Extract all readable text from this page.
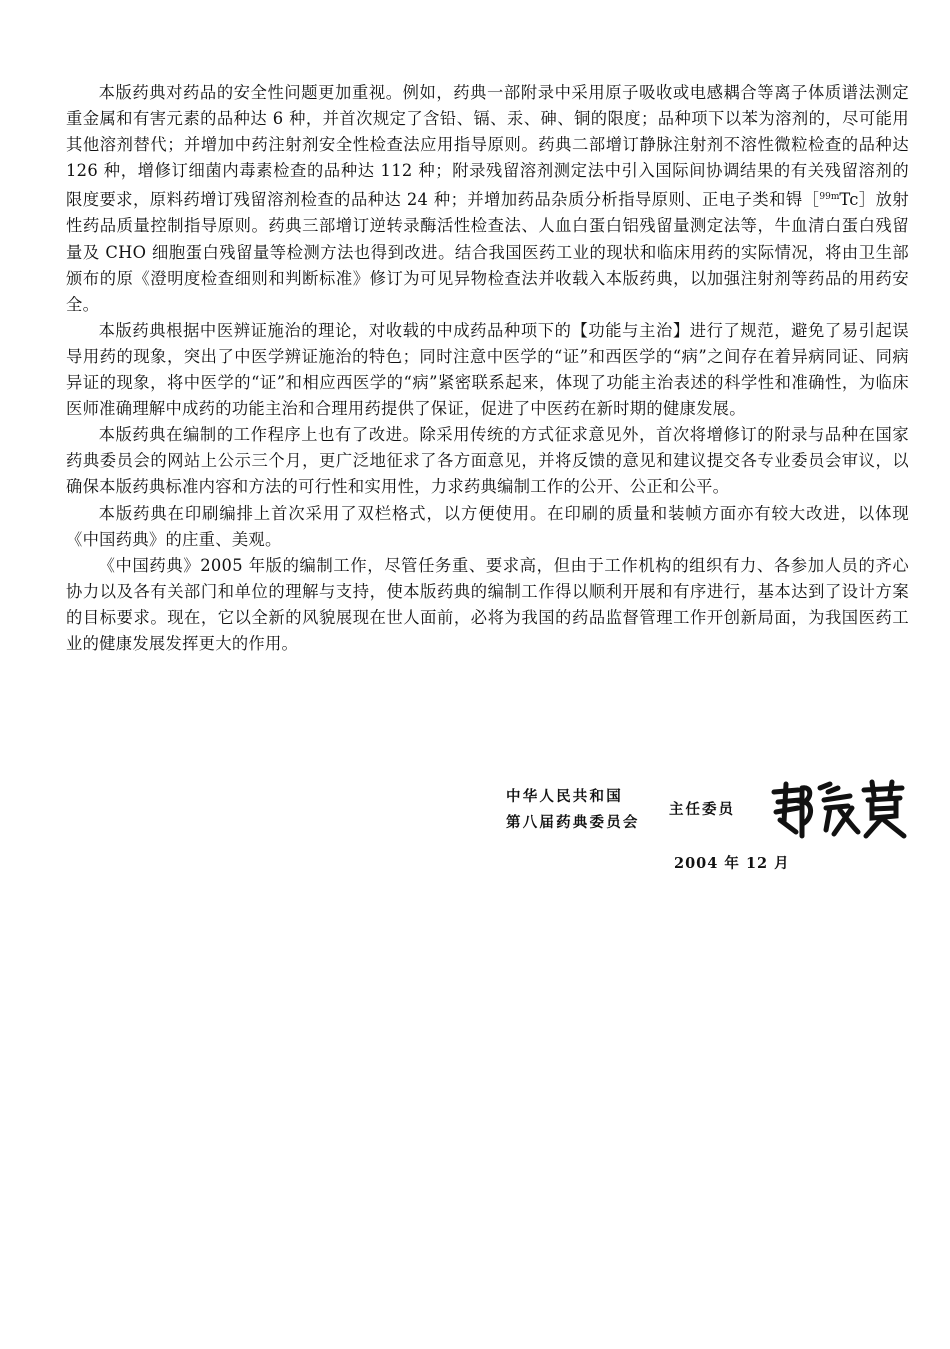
本版药典对药品的安全性问题更加重视。例如，药典一部附录中采用原子吸收或电感耦合等离子体质谱法测定重金属和有害元素的品种达 6 种，并首次规定了含铅、镉、汞、砷、铜的限度；品种项下以苯为溶剂的，尽可能用其他溶剂替代；并增加中药注射剂安全性检查法应用指导原则。药典二部增订静脉注射剂不溶性微粒检查的品种达 126 种，增修订细菌内毒素检查的品种达 112 种；附录残留溶剂测定法中引入国际间协调结果的有关残留溶剂的限度要求，原料药增订残留溶剂检查的品种达 24 种；并增加药品杂质分析指导原则、正电子类和锝［$^{99m}$Tc］放射性药品质量控制指导原则。药典三部增订逆转录酶活性检查法、人血白蛋白铝残留量测定法等，牛血清白蛋白残留量及 CHO 细胞蛋白残留量等检测方法也得到改进。结合我国医药工业的现状和临床用药的实际情况，将由卫生部颁布的原《澄明度检查细则和判断标准》修订为可见异物检查法并收载入本版药典，以加强注射剂等药品的用药安全。

本版药典根据中医辨证施治的理论，对收载的中成药品种项下的【功能与主治】进行了规范，避免了易引起误导用药的现象，突出了中医学辨证施治的特色；同时注意中医学的“证”和西医学的“病”之间存在着异病同证、同病异证的现象，将中医学的“证”和相应西医学的“病”紧密联系起来，体现了功能主治表述的科学性和准确性，为临床医师准确理解中成药的功能主治和合理用药提供了保证，促进了中医药在新时期的健康发展。

本版药典在编制的工作程序上也有了改进。除采用传统的方式征求意见外，首次将增修订的附录与品种在国家药典委员会的网站上公示三个月，更广泛地征求了各方面意见，并将反馈的意见和建议提交各专业委员会审议，以确保本版药典标准内容和方法的可行性和实用性，力求药典编制工作的公开、公正和公平。

本版药典在印刷编排上首次采用了双栏格式，以方便使用。在印刷的质量和装帧方面亦有较大改进，以体现《中国药典》的庄重、美观。

《中国药典》2005 年版的编制工作，尽管任务重、要求高，但由于工作机构的组织有力、各参加人员的齐心协力以及各有关部门和单位的理解与支持，使本版药典的编制工作得以顺利开展和有序进行，基本达到了设计方案的目标要求。现在，它以全新的风貌展现在世人面前，必将为我国的药品监督管理工作开创新局面，为我国医药工业的健康发展发挥更大的作用。

中华人民共和国
第八届药典委员会
主任委员
2004 年 12 月
